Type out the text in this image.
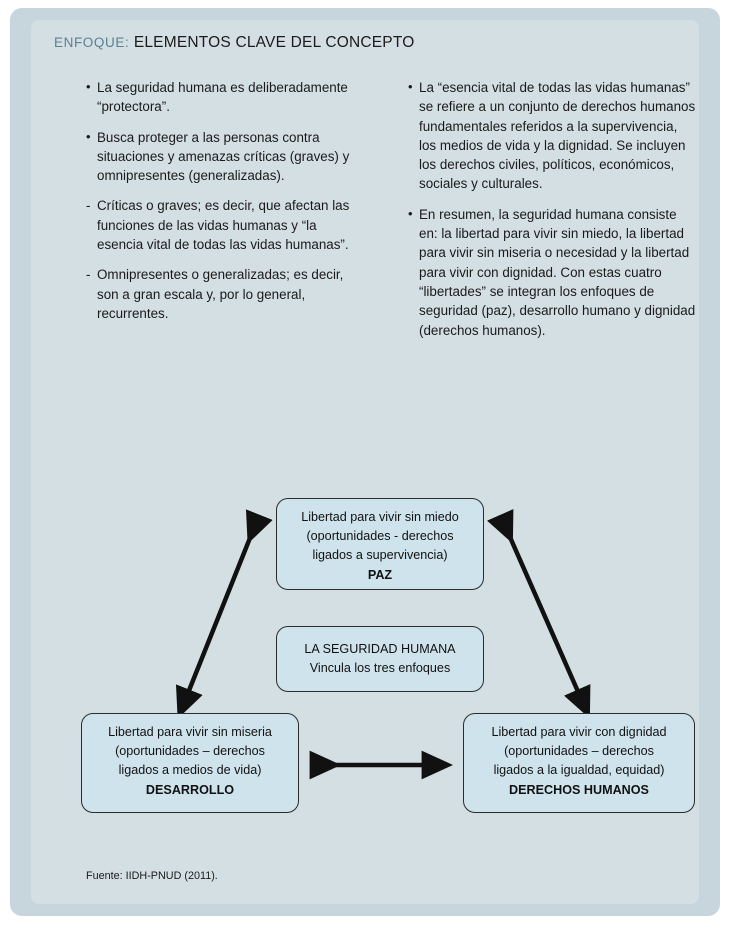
ENFOQUE: ELEMENTOS CLAVE DEL CONCEPTO
• La seguridad humana es deliberadamente “protectora”.
• Busca proteger a las personas contra situaciones y amenazas críticas (graves) y omnipresentes (generalizadas).
- Críticas o graves; es decir, que afectan las funciones de las vidas humanas y “la esencia vital de todas las vidas humanas”.
- Omnipresentes o generalizadas; es decir, son a gran escala y, por lo general, recurrentes.
• La “esencia vital de todas las vidas humanas” se refiere a un conjunto de derechos humanos fundamentales referidos a la supervivencia, los medios de vida y la dignidad. Se incluyen los derechos civiles, políticos, económicos, sociales y culturales.
• En resumen, la seguridad humana consiste en: la libertad para vivir sin miedo, la libertad para vivir sin miseria o necesidad y la libertad para vivir con dignidad. Con estas cuatro “libertades” se integran los enfoques de seguridad (paz), desarrollo humano y dignidad (derechos humanos).
Libertad para vivir sin miedo
(oportunidades - derechos
ligados a supervivencia)
PAZ
LA SEGURIDAD HUMANA
Vincula los tres enfoques
Libertad para vivir sin miseria
(oportunidades – derechos
ligados a medios de vida)
DESARROLLO
Libertad para vivir con dignidad
(oportunidades – derechos
ligados a la igualdad, equidad)
DERECHOS HUMANOS
Fuente: IIDH-PNUD (2011).
